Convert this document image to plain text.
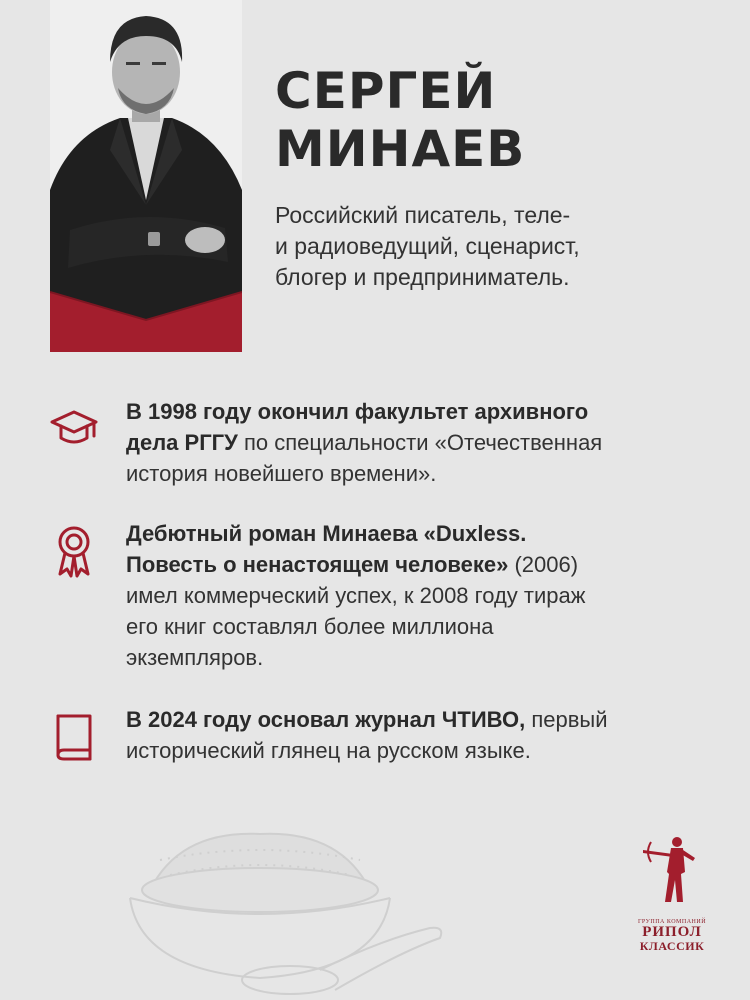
СЕРГЕЙ
МИНАЕВ

Российский писатель, теле-
и радиоведущий, сценарист,
блогер и предприниматель.

В 1998 году окончил факультет архивного
дела РГГУ по специальности «Отечественная
история новейшего времени».
Дебютный роман Минаева «Duxless.
Повесть о ненастоящем человеке» (2006)
имел коммерческий успех, к 2008 году тираж
его книг составлял более миллиона
экземпляров.
В 2024 году основал журнал ЧТИВО, первый
исторический глянец на русском языке.
ГРУППА КОМПАНИЙ
РИПОЛ
КЛАССИК
